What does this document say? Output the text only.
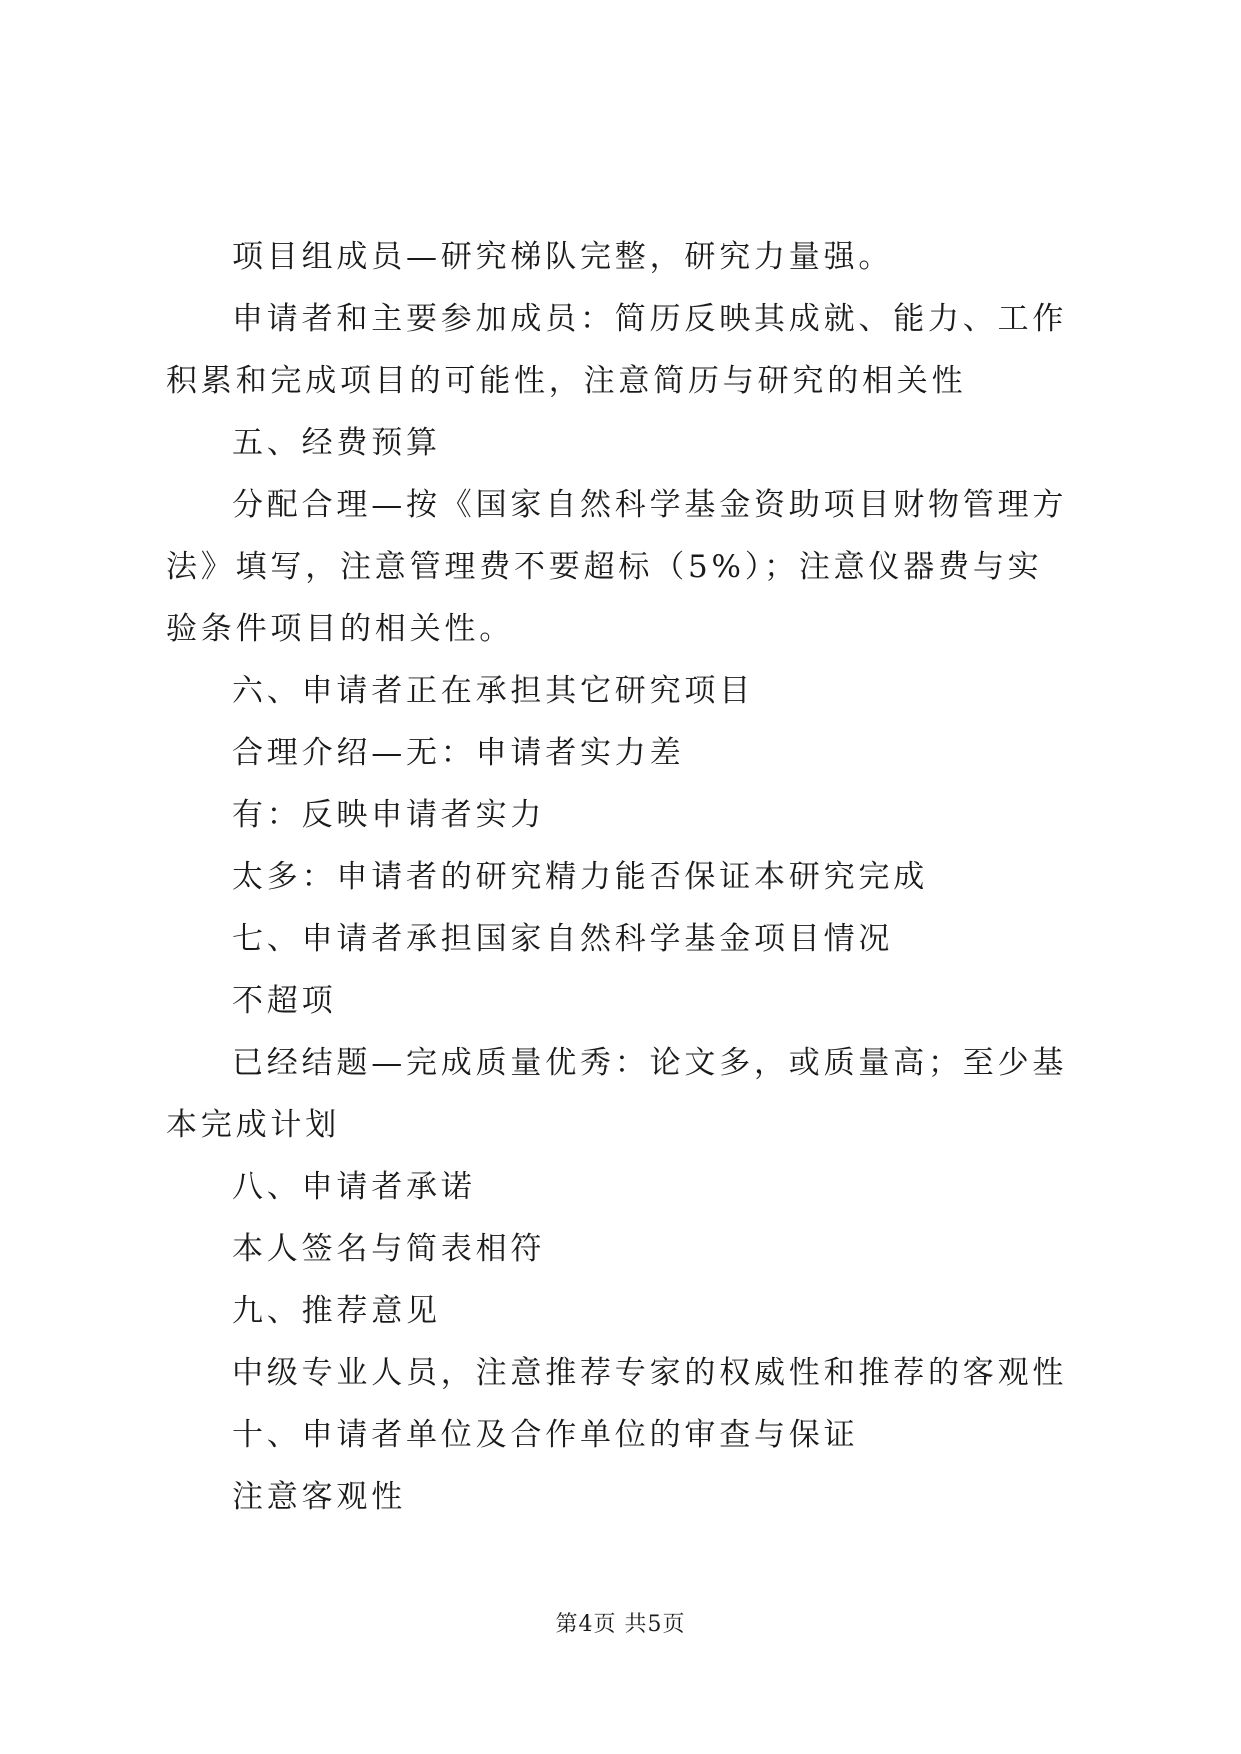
项目组成员—研究梯队完整，研究力量强。

申请者和主要参加成员：简历反映其成就、能力、工作积累和完成项目的可能性，注意简历与研究的相关性

五、经费预算

分配合理—按《国家自然科学基金资助项目财物管理方法》填写，注意管理费不要超标（5%）；注意仪器费与实验条件项目的相关性。

六、申请者正在承担其它研究项目

合理介绍—无：申请者实力差

有：反映申请者实力

太多：申请者的研究精力能否保证本研究完成

七、申请者承担国家自然科学基金项目情况

不超项

已经结题—完成质量优秀：论文多，或质量高；至少基本完成计划

八、申请者承诺

本人签名与简表相符

九、推荐意见

中级专业人员，注意推荐专家的权威性和推荐的客观性

十、申请者单位及合作单位的审查与保证

注意客观性

第4页 共5页
